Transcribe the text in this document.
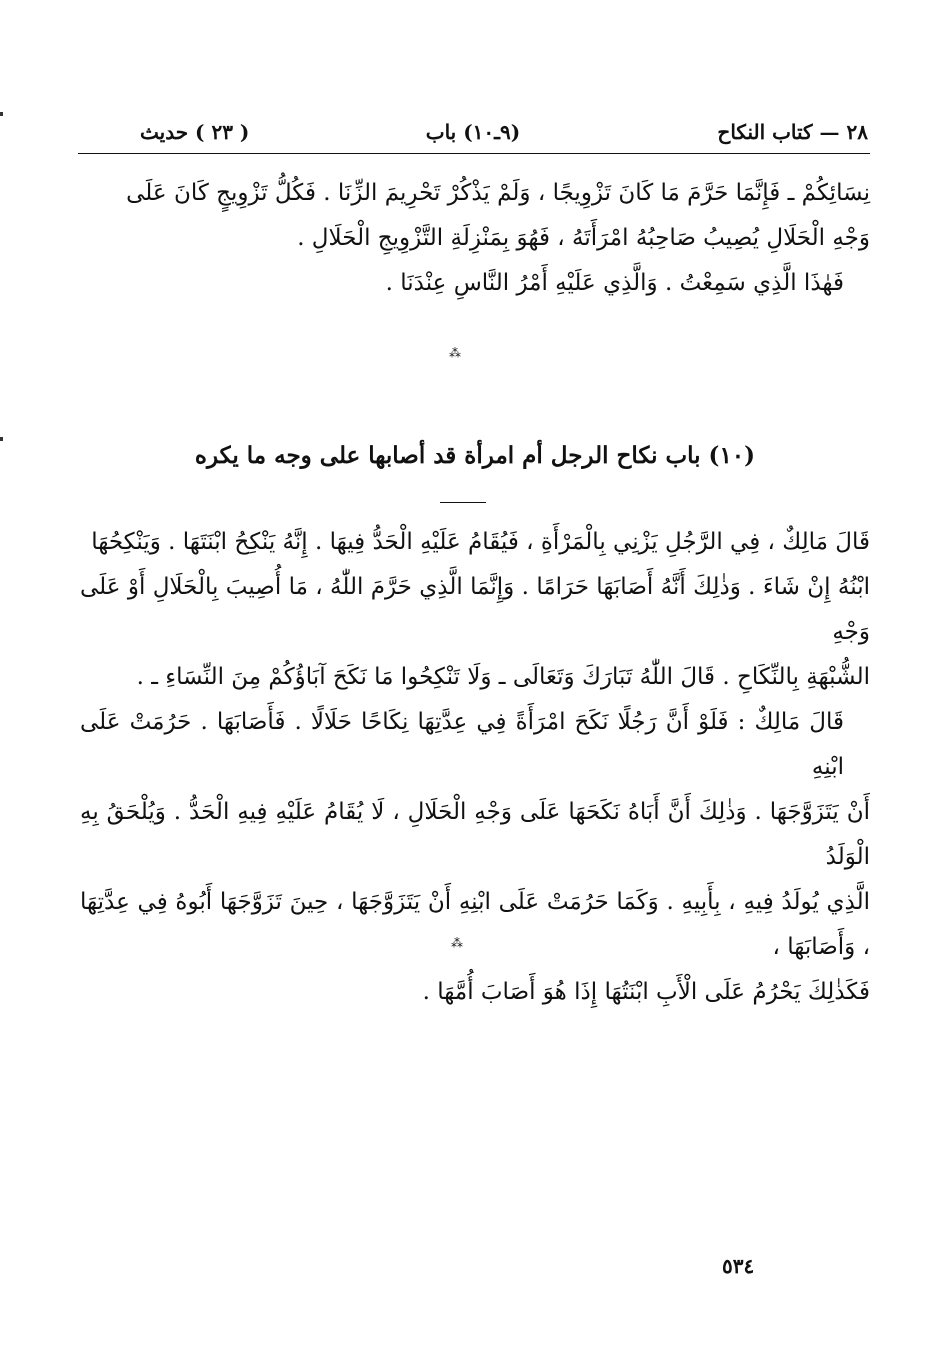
٢٨ — كتاب النكاح
(٩ـ١٠) باب
( ٢٣ ) حديث

نِسَائِكُمْ ـ فَإِنَّمَا حَرَّمَ مَا كَانَ تَزْوِيجًا ، وَلَمْ يَذْكُرْ تَحْرِيمَ الزِّنَا . فَكُلُّ تَزْوِيجٍ كَانَ عَلَى

وَجْهِ الْحَلَالِ يُصِيبُ صَاحِبُهُ امْرَأَتَهُ ، فَهُوَ بِمَنْزِلَةِ التَّزْوِيجِ الْحَلَالِ .

فَهٰذَا الَّذِي سَمِعْتُ . وَالَّذِي عَلَيْهِ أَمْرُ النَّاسِ عِنْدَنَا .

⁂
(١٠) باب نكاح الرجل أم امرأة قد أصابها على وجه ما يكره

قَالَ مَالِكٌ ، فِي الرَّجُلِ يَزْنِي بِالْمَرْأَةِ ، فَيُقَامُ عَلَيْهِ الْحَدُّ فِيهَا . إِنَّهُ يَنْكِحُ ابْنَتَهَا . وَيَنْكِحُهَا

ابْنُهُ إِنْ شَاءَ . وَذٰلِكَ أَنَّهُ أَصَابَهَا حَرَامًا . وَإِنَّمَا الَّذِي حَرَّمَ اللّٰهُ ، مَا أُصِيبَ بِالْحَلَالِ أَوْ عَلَى وَجْهِ

الشُّبْهَةِ بِالنِّكَاحِ . قَالَ اللّٰهُ تَبَارَكَ وَتَعَالَى ـ وَلَا تَنْكِحُوا مَا نَكَحَ آبَاؤُكُمْ مِنَ النِّسَاءِ ـ .

قَالَ مَالِكٌ : فَلَوْ أَنَّ رَجُلًا نَكَحَ امْرَأَةً فِي عِدَّتِهَا نِكَاحًا حَلَالًا . فَأَصَابَهَا . حَرُمَتْ عَلَى ابْنِهِ

أَنْ يَتَزَوَّجَهَا . وَذٰلِكَ أَنَّ أَبَاهُ نَكَحَهَا عَلَى وَجْهِ الْحَلَالِ ، لَا يُقَامُ عَلَيْهِ فِيهِ الْحَدُّ . وَيُلْحَقُ بِهِ الْوَلَدُ

الَّذِي يُولَدُ فِيهِ ، بِأَبِيهِ . وَكَمَا حَرُمَتْ عَلَى ابْنِهِ أَنْ يَتَزَوَّجَهَا ، حِينَ تَزَوَّجَهَا أَبُوهُ فِي عِدَّتِهَا ، وَأَصَابَهَا ،

فَكَذٰلِكَ يَحْرُمُ عَلَى الْأَبِ ابْنَتُهَا إِذَا هُوَ أَصَابَ أُمَّهَا .

⁂
٥٣٤
